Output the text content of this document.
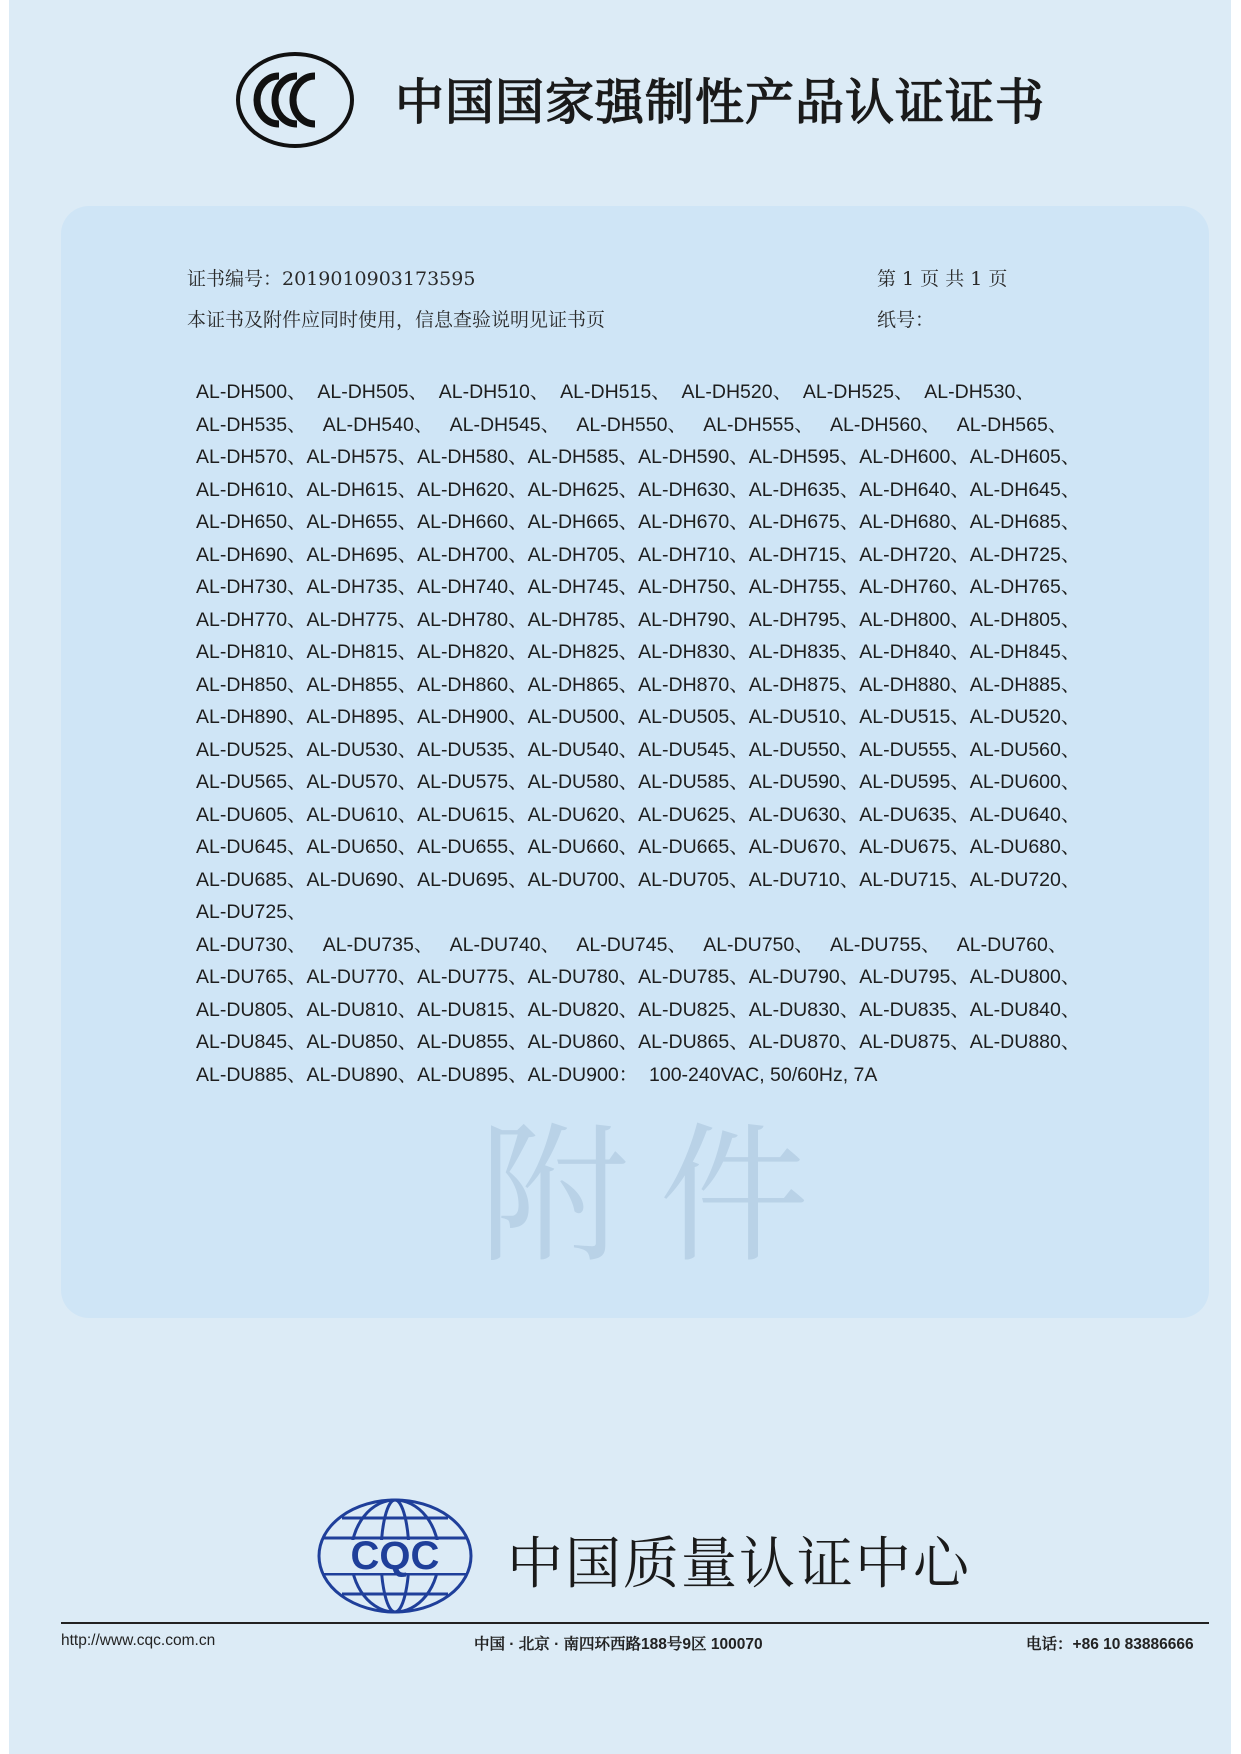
中国国家强制性产品认证证书
证书编号：2019010903173595	第 1 页 共 1 页
本证书及附件应同时使用，信息查验说明见证书页	纸号：
附件
AL-DH500、  AL-DH505、  AL-DH510、  AL-DH515、  AL-DH520、  AL-DH525、  AL-DH530、
AL-DH535、   AL-DH540、   AL-DH545、   AL-DH550、   AL-DH555、   AL-DH560、   AL-DH565、
AL-DH570、AL-DH575、AL-DH580、AL-DH585、AL-DH590、AL-DH595、AL-DH600、AL-DH605、
AL-DH610、AL-DH615、AL-DH620、AL-DH625、AL-DH630、AL-DH635、AL-DH640、AL-DH645、
AL-DH650、AL-DH655、AL-DH660、AL-DH665、AL-DH670、AL-DH675、AL-DH680、AL-DH685、
AL-DH690、AL-DH695、AL-DH700、AL-DH705、AL-DH710、AL-DH715、AL-DH720、AL-DH725、
AL-DH730、AL-DH735、AL-DH740、AL-DH745、AL-DH750、AL-DH755、AL-DH760、AL-DH765、
AL-DH770、AL-DH775、AL-DH780、AL-DH785、AL-DH790、AL-DH795、AL-DH800、AL-DH805、
AL-DH810、AL-DH815、AL-DH820、AL-DH825、AL-DH830、AL-DH835、AL-DH840、AL-DH845、
AL-DH850、AL-DH855、AL-DH860、AL-DH865、AL-DH870、AL-DH875、AL-DH880、AL-DH885、
AL-DH890、AL-DH895、AL-DH900、AL-DU500、AL-DU505、AL-DU510、AL-DU515、AL-DU520、
AL-DU525、AL-DU530、AL-DU535、AL-DU540、AL-DU545、AL-DU550、AL-DU555、AL-DU560、
AL-DU565、AL-DU570、AL-DU575、AL-DU580、AL-DU585、AL-DU590、AL-DU595、AL-DU600、
AL-DU605、AL-DU610、AL-DU615、AL-DU620、AL-DU625、AL-DU630、AL-DU635、AL-DU640、
AL-DU645、AL-DU650、AL-DU655、AL-DU660、AL-DU665、AL-DU670、AL-DU675、AL-DU680、
AL-DU685、AL-DU690、AL-DU695、AL-DU700、AL-DU705、AL-DU710、AL-DU715、AL-DU720、
AL-DU725、
AL-DU730、   AL-DU735、   AL-DU740、   AL-DU745、   AL-DU750、   AL-DU755、   AL-DU760、
AL-DU765、AL-DU770、AL-DU775、AL-DU780、AL-DU785、AL-DU790、AL-DU795、AL-DU800、
AL-DU805、AL-DU810、AL-DU815、AL-DU820、AL-DU825、AL-DU830、AL-DU835、AL-DU840、
AL-DU845、AL-DU850、AL-DU855、AL-DU860、AL-DU865、AL-DU870、AL-DU875、AL-DU880、
AL-DU885、AL-DU890、AL-DU895、AL-DU900：  100-240VAC, 50/60Hz, 7A
CQC 中国质量认证中心
http://www.cqc.com.cn	中国 · 北京 · 南四环西路188号9区 100070	电话：+86 10 83886666
